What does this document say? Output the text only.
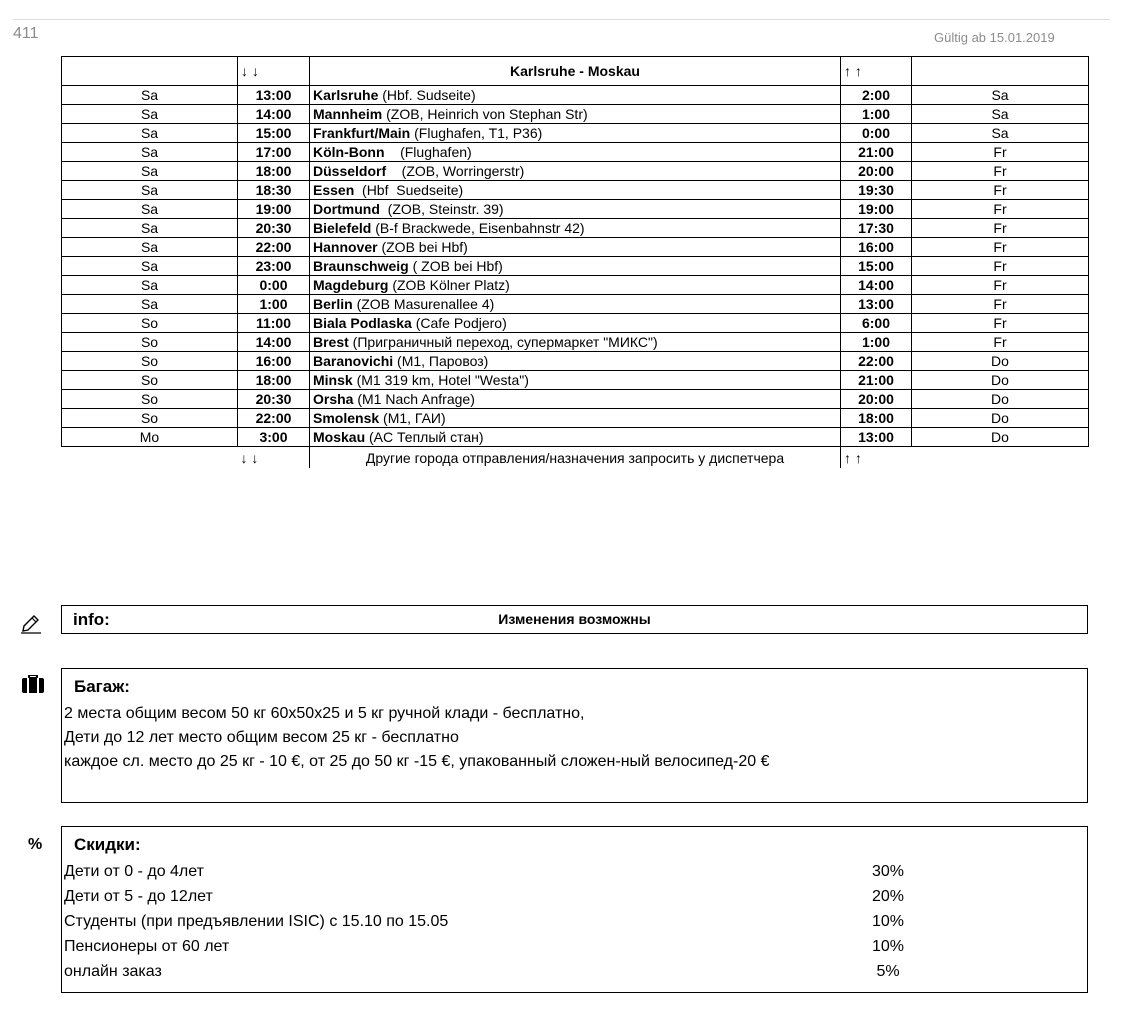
411	Gültig ab 15.01.2019
	↓ ↓	Karlsruhe - Moskau	↑ ↑	
Sa	13:00	Karlsruhe (Hbf. Sudseite)	2:00	Sa
Sa	14:00	Mannheim (ZOB, Heinrich von Stephan Str)	1:00	Sa
Sa	15:00	Frankfurt/Main (Flughafen, T1, P36)	0:00	Sa
Sa	17:00	Köln-Bonn    (Flughafen)	21:00	Fr
Sa	18:00	Düsseldorf    (ZOB, Worringerstr)	20:00	Fr
Sa	18:30	Essen  (Hbf  Suedseite)	19:30	Fr
Sa	19:00	Dortmund  (ZOB, Steinstr. 39)	19:00	Fr
Sa	20:30	Bielefeld (B-f Brackwede, Eisenbahnstr 42)	17:30	Fr
Sa	22:00	Hannover (ZOB bei Hbf)	16:00	Fr
Sa	23:00	Braunschweig ( ZOB bei Hbf)	15:00	Fr
Sa	0:00	Magdeburg (ZOB Kölner Platz)	14:00	Fr
Sa	1:00	Berlin (ZOB Masurenallee 4)	13:00	Fr
So	11:00	Biala Podlaska (Cafe Podjero)	6:00	Fr
So	14:00	Brest (Приграничный переход, супермаркет "МИКС")	1:00	Fr
So	16:00	Baranovichi (M1, Паровоз)	22:00	Do
So	18:00	Minsk (M1 319 km, Hotel "Westa")	21:00	Do
So	20:30	Orsha (M1 Nach Anfrage)	20:00	Do
So	22:00	Smolensk (M1, ГАИ)	18:00	Do
Mo	3:00	Moskau (AC Теплый стан)	13:00	Do
	↓ ↓	Другие города отправления/назначения запросить у диспетчера	↑ ↑	
info:	Изменения возможны
Багаж:
2 места общим весом 50 кг 60х50х25 и 5 кг ручной клади - бесплатно,
Дети до 12 лет место общим весом 25 кг - бесплатно
каждое сл. место до 25 кг - 10 €, от 25 до 50 кг -15 €, упакованный сложен-ный велосипед-20 €
% Скидки:
Дети от 0 - до 4лет	30%
Дети от 5 - до 12лет	20%
Студенты (при предъявлении ISIC) с 15.10 по 15.05	10%
Пенсионеры от 60 лет	10%
онлайн заказ	5%
